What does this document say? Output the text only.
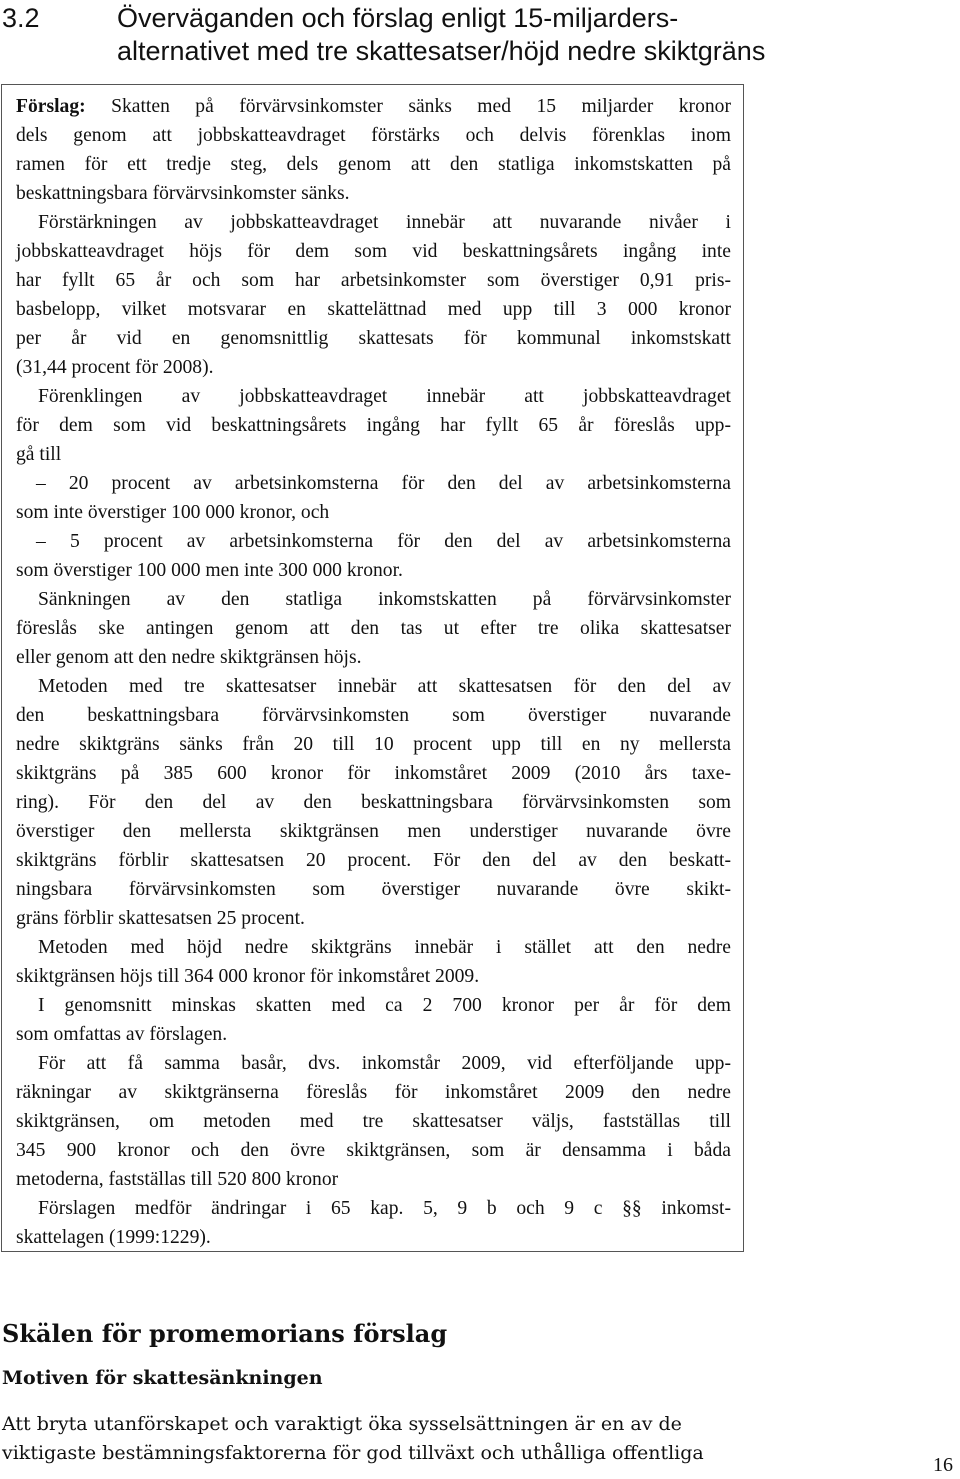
3.2	Överväganden och förslag enligt 15-miljarders-
alternativet med tre skattesatser/höjd nedre skiktgräns
Förslag: Skatten på förvärvsinkomster sänks med 15 miljarder kronor
dels genom att jobbskatteavdraget förstärks och delvis förenklas inom
ramen för ett tredje steg, dels genom att den statliga inkomstskatten på
beskattningsbara förvärvsinkomster sänks.
Förstärkningen av jobbskatteavdraget innebär att nuvarande nivåer i
jobbskatteavdraget höjs för dem som vid beskattningsårets ingång inte
har fyllt 65 år och som har arbetsinkomster som överstiger 0,91 pris-
basbelopp, vilket motsvarar en skattelättnad med upp till 3 000 kronor
per år vid en genomsnittlig skattesats för kommunal inkomstskatt
(31,44 procent för 2008).
Förenklingen av jobbskatteavdraget innebär att jobbskatteavdraget
för dem som vid beskattningsårets ingång har fyllt 65 år föreslås upp-
gå till
– 20 procent av arbetsinkomsterna för den del av arbetsinkomsterna
som inte överstiger 100 000 kronor, och
– 5 procent av arbetsinkomsterna för den del av arbetsinkomsterna
som överstiger 100 000 men inte 300 000 kronor.
Sänkningen av den statliga inkomstskatten på förvärvsinkomster
föreslås ske antingen genom att den tas ut efter tre olika skattesatser
eller genom att den nedre skiktgränsen höjs.
Metoden med tre skattesatser innebär att skattesatsen för den del av
den beskattningsbara förvärvsinkomsten som överstiger nuvarande
nedre skiktgräns sänks från 20 till 10 procent upp till en ny mellersta
skiktgräns på 385 600 kronor för inkomståret 2009 (2010 års taxe-
ring). För den del av den beskattningsbara förvärvsinkomsten som
överstiger den mellersta skiktgränsen men understiger nuvarande övre
skiktgräns förblir skattesatsen 20 procent. För den del av den beskatt-
ningsbara förvärvsinkomsten som överstiger nuvarande övre skikt-
gräns förblir skattesatsen 25 procent.
Metoden med höjd nedre skiktgräns innebär i stället att den nedre
skiktgränsen höjs till 364 000 kronor för inkomståret 2009.
I genomsnitt minskas skatten med ca 2 700 kronor per år för dem
som omfattas av förslagen.
För att få samma basår, dvs. inkomstår 2009, vid efterföljande upp-
räkningar av skiktgränserna föreslås för inkomståret 2009 den nedre
skiktgränsen, om metoden med tre skattesatser väljs, fastställas till
345 900 kronor och den övre skiktgränsen, som är densamma i båda
metoderna, fastställas till 520 800 kronor
Förslagen medför ändringar i 65 kap. 5, 9 b och 9 c §§ inkomst-
skattelagen (1999:1229).
Skälen för promemorians förslag
Motiven för skattesänkningen
Att bryta utanförskapet och varaktigt öka sysselsättningen är en av de
viktigaste bestämningsfaktorerna för god tillväxt och uthålliga offentliga
16
